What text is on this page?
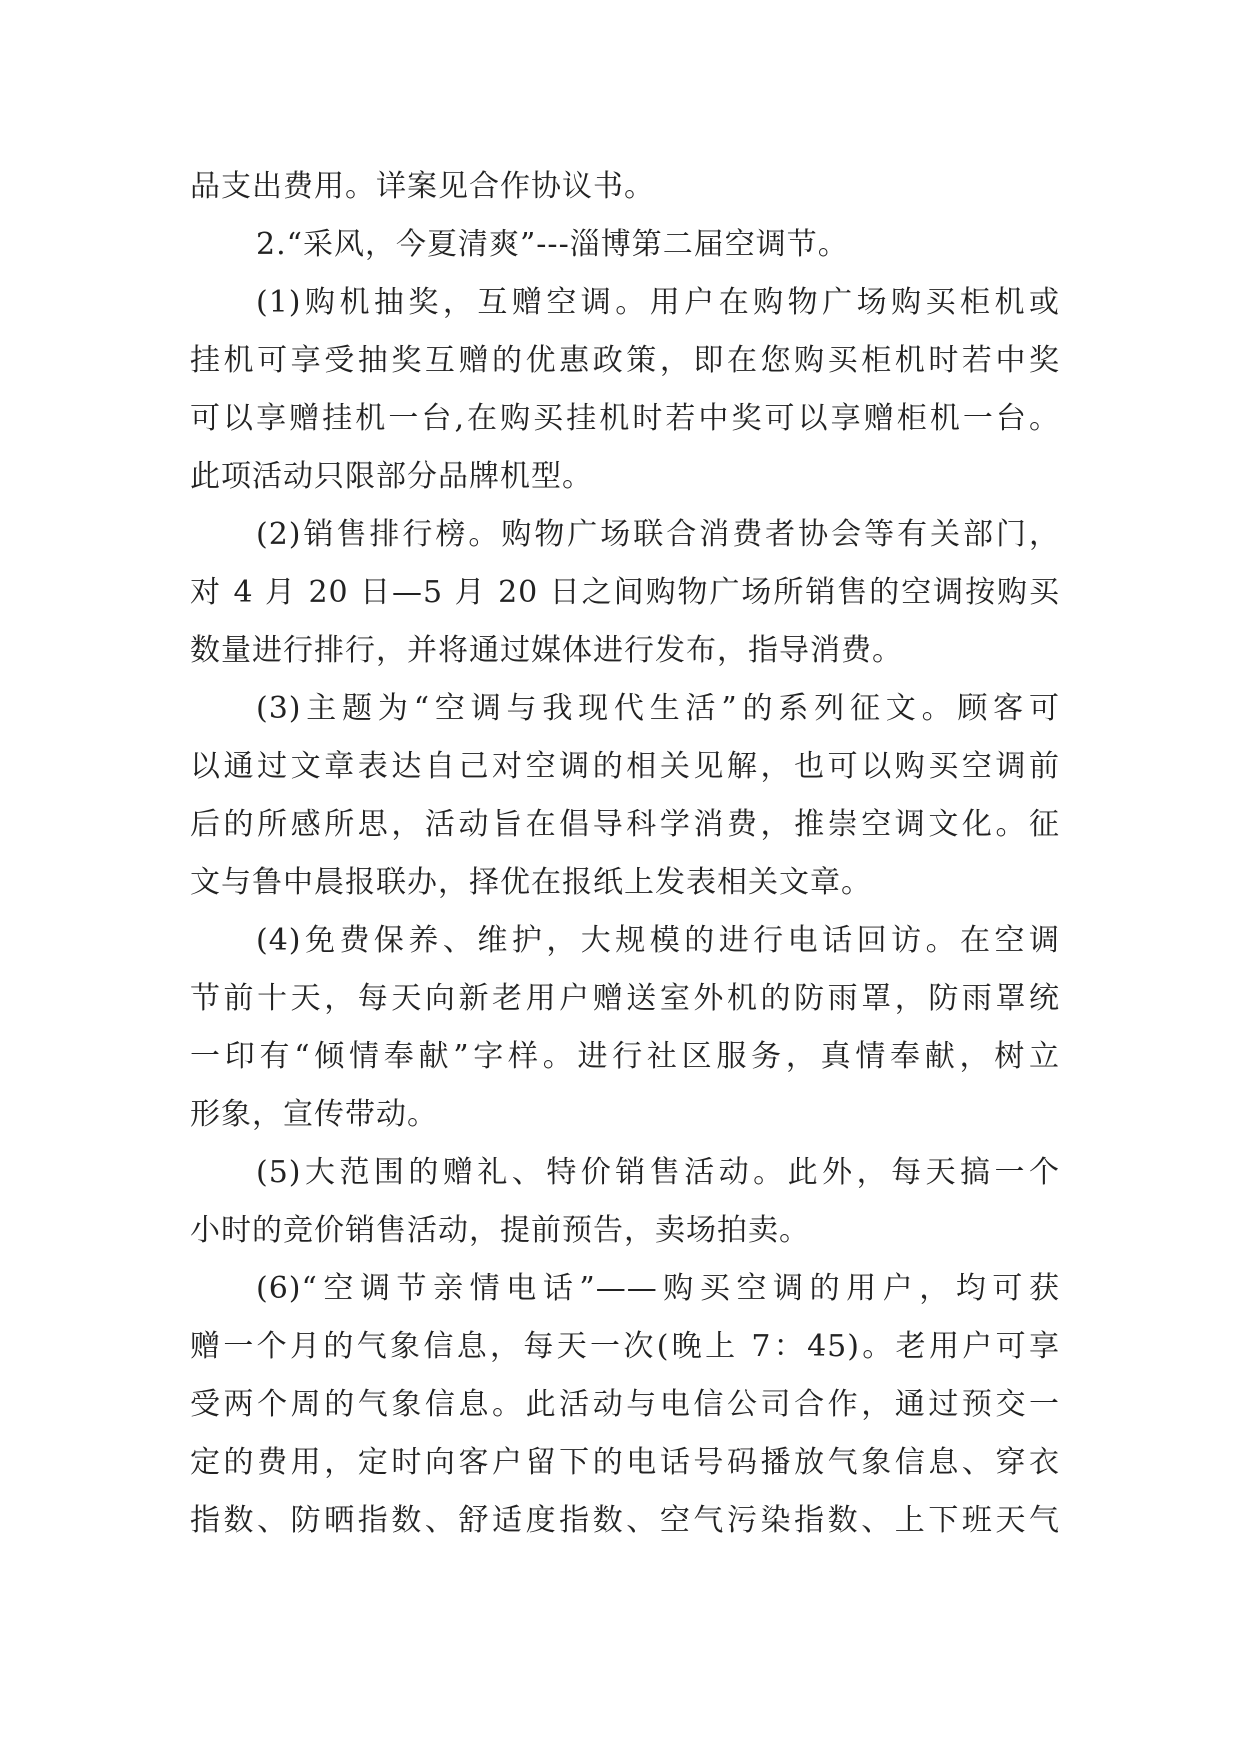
品支出费用。详案见合作协议书。
2.“采风，今夏清爽”---淄博第二届空调节。
(1)购机抽奖，互赠空调。用户在购物广场购买柜机或
挂机可享受抽奖互赠的优惠政策，即在您购买柜机时若中奖
可以享赠挂机一台,在购买挂机时若中奖可以享赠柜机一台。
此项活动只限部分品牌机型。
(2)销售排行榜。购物广场联合消费者协会等有关部门，
对 4 月 20 日—5 月 20 日之间购物广场所销售的空调按购买
数量进行排行，并将通过媒体进行发布，指导消费。
(3)主题为“空调与我现代生活”的系列征文。顾客可
以通过文章表达自己对空调的相关见解，也可以购买空调前
后的所感所思，活动旨在倡导科学消费，推崇空调文化。征
文与鲁中晨报联办，择优在报纸上发表相关文章。
(4)免费保养、维护，大规模的进行电话回访。在空调
节前十天，每天向新老用户赠送室外机的防雨罩，防雨罩统
一印有“倾情奉献”字样。进行社区服务，真情奉献，树立
形象，宣传带动。
(5)大范围的赠礼、特价销售活动。此外，每天搞一个
小时的竞价销售活动，提前预告，卖场拍卖。
(6)“空调节亲情电话”——购买空调的用户，均可获
赠一个月的气象信息，每天一次(晚上 7：45)。老用户可享
受两个周的气象信息。此活动与电信公司合作，通过预交一
定的费用，定时向客户留下的电话号码播放气象信息、穿衣
指数、防晒指数、舒适度指数、空气污染指数、上下班天气
